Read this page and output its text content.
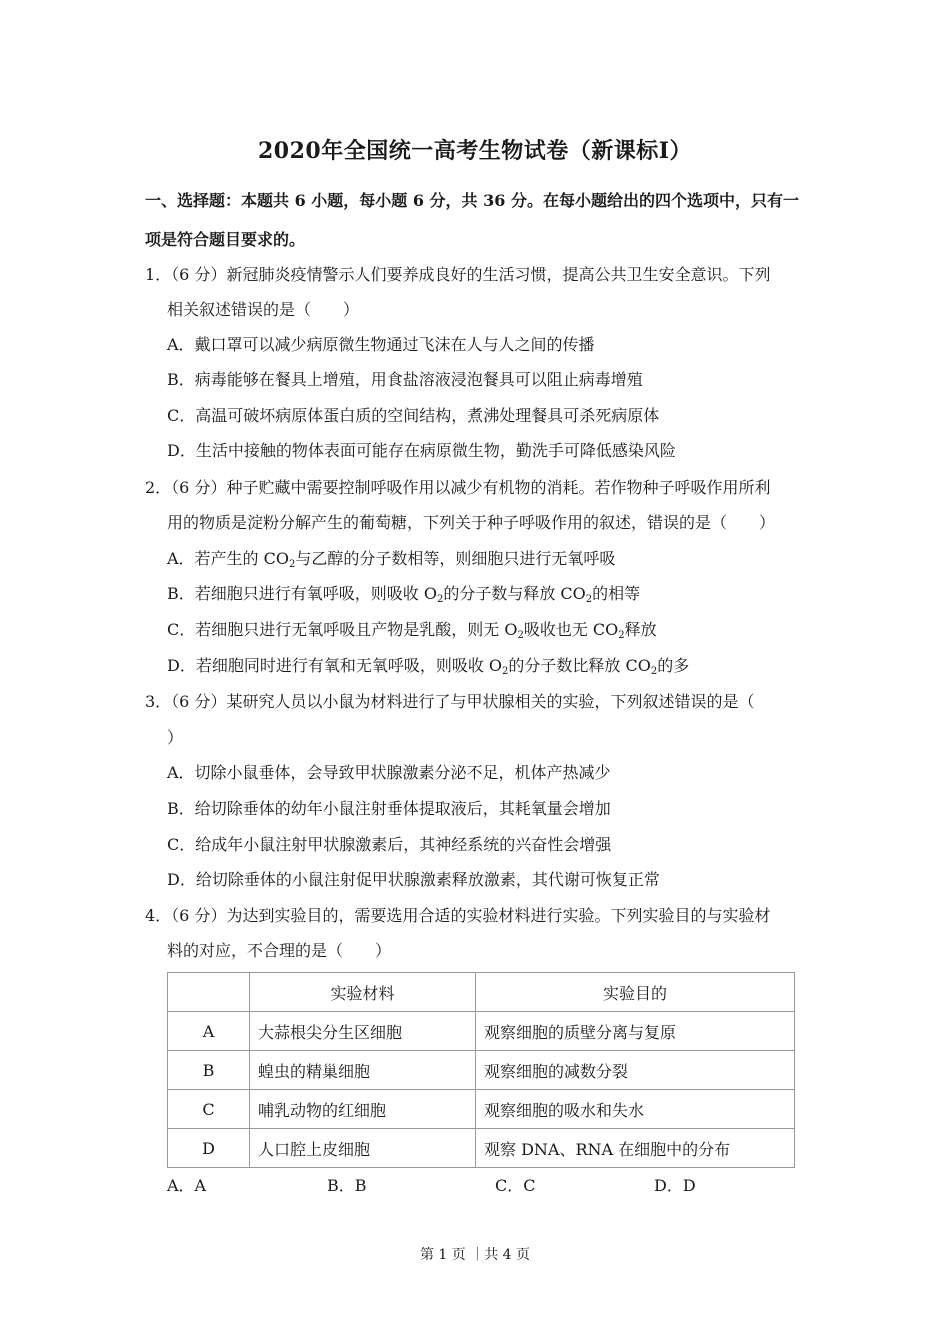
2020年全国统一高考生物试卷（新课标Ⅰ）
一、选择题：本题共 6 小题，每小题 6 分，共 36 分。在每小题给出的四个选项中，只有一
项是符合题目要求的。
1．（6 分）新冠肺炎疫情警示人们要养成良好的生活习惯，提高公共卫生安全意识。下列
相关叙述错误的是（　　）
A．戴口罩可以减少病原微生物通过飞沫在人与人之间的传播
B．病毒能够在餐具上增殖，用食盐溶液浸泡餐具可以阻止病毒增殖
C．高温可破坏病原体蛋白质的空间结构，煮沸处理餐具可杀死病原体
D．生活中接触的物体表面可能存在病原微生物，勤洗手可降低感染风险
2．（6 分）种子贮藏中需要控制呼吸作用以减少有机物的消耗。若作物种子呼吸作用所利
用的物质是淀粉分解产生的葡萄糖，下列关于种子呼吸作用的叙述，错误的是（　　）
A．若产生的 $CO_2$与乙醇的分子数相等，则细胞只进行无氧呼吸
B．若细胞只进行有氧呼吸，则吸收 $O_2$的分子数与释放 $CO_2$的相等
C．若细胞只进行无氧呼吸且产物是乳酸，则无 $O_2$吸收也无 $CO_2$释放
D．若细胞同时进行有氧和无氧呼吸，则吸收 $O_2$的分子数比释放 $CO_2$的多
3．（6 分）某研究人员以小鼠为材料进行了与甲状腺相关的实验，下列叙述错误的是（
）
A．切除小鼠垂体，会导致甲状腺激素分泌不足，机体产热减少
B．给切除垂体的幼年小鼠注射垂体提取液后，其耗氧量会增加
C．给成年小鼠注射甲状腺激素后，其神经系统的兴奋性会增强
D．给切除垂体的小鼠注射促甲状腺激素释放激素，其代谢可恢复正常
4．（6 分）为达到实验目的，需要选用合适的实验材料进行实验。下列实验目的与实验材
料的对应，不合理的是（　　）
	实验材料	实验目的
A	大蒜根尖分生区细胞	观察细胞的质壁分离与复原
B	蝗虫的精巢细胞	观察细胞的减数分裂
C	哺乳动物的红细胞	观察细胞的吸水和失水
D	人口腔上皮细胞	观察 DNA、RNA 在细胞中的分布
A．A	B．B	C．C	D．D
第 1 页 ｜共 4 页
